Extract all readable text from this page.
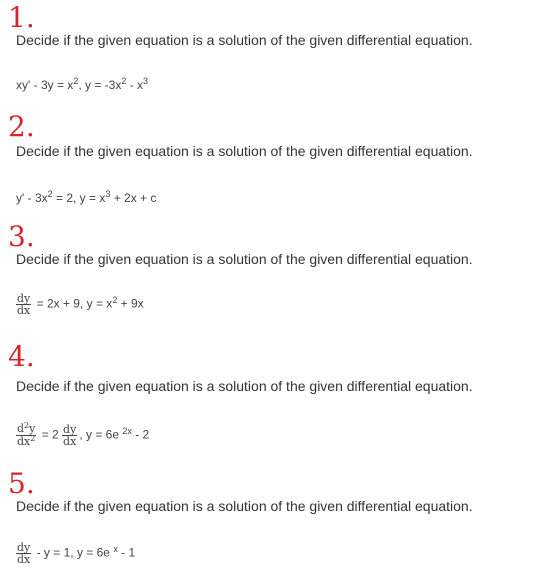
1.
Decide if the given equation is a solution of the given differential equation.
$xy' - 3y = x^2$, $y = -3x^2 - x^3$
2.
Decide if the given equation is a solution of the given differential equation.
$y' - 3x^2 = 2$, $y = x^3 + 2x + c$
3.
Decide if the given equation is a solution of the given differential equation.
$\frac{dy}{dx} = 2x + 9$, $y = x^2 + 9x$
4.
Decide if the given equation is a solution of the given differential equation.
$\frac{d^2y}{dx^2} = 2 \frac{dy}{dx}$ , y = 6e $^{2x}$ - 2
5.
Decide if the given equation is a solution of the given differential equation.
$\frac{dy}{dx} - y = 1$, y = 6e $^x$ - 1
